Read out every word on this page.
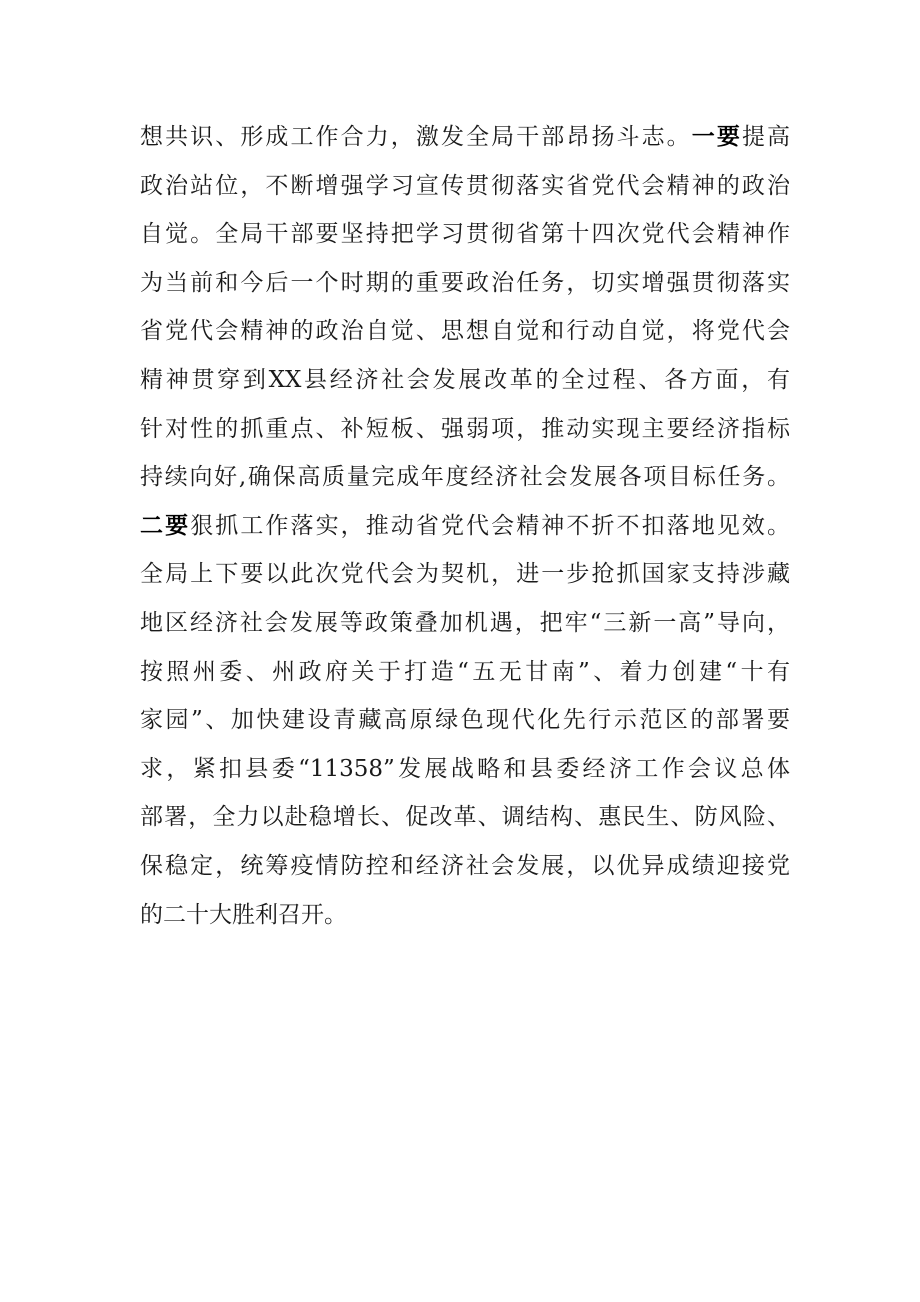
想共识、形成工作合力，激发全局干部昂扬斗志。一要提高
政治站位，不断增强学习宣传贯彻落实省党代会精神的政治
自觉。全局干部要坚持把学习贯彻省第十四次党代会精神作
为当前和今后一个时期的重要政治任务，切实增强贯彻落实
省党代会精神的政治自觉、思想自觉和行动自觉，将党代会
精神贯穿到XX县经济社会发展改革的全过程、各方面，有
针对性的抓重点、补短板、强弱项，推动实现主要经济指标
持续向好,确保高质量完成年度经济社会发展各项目标任务。
二要狠抓工作落实，推动省党代会精神不折不扣落地见效。
全局上下要以此次党代会为契机，进一步抢抓国家支持涉藏
地区经济社会发展等政策叠加机遇，把牢“三新一高”导向，
按照州委、州政府关于打造“五无甘南”、着力创建“十有
家园”、加快建设青藏高原绿色现代化先行示范区的部署要
求，紧扣县委“11358”发展战略和县委经济工作会议总体
部署，全力以赴稳增长、促改革、调结构、惠民生、防风险、
保稳定，统筹疫情防控和经济社会发展，以优异成绩迎接党
的二十大胜利召开。
